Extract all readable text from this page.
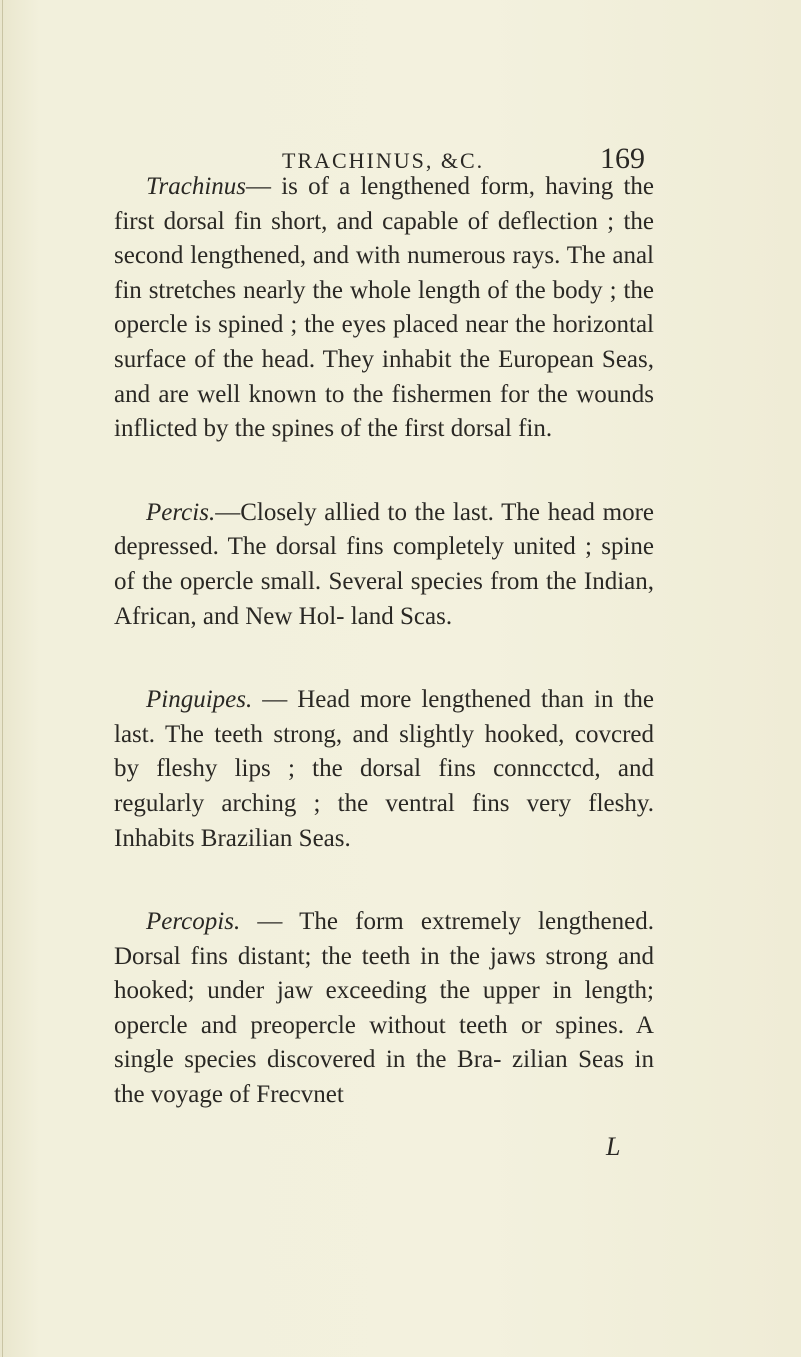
TRACHINUS, &C.	169

Trachinus— is of a lengthened form, having the first dorsal fin short, and capable of deflection ; the second lengthened, and with numerous rays. The anal fin stretches nearly the whole length of the body ; the opercle is spined ; the eyes placed near the horizontal surface of the head. They inhabit the European Seas, and are well known to the fishermen for the wounds inflicted by the spines of the first dorsal fin.

Percis.—Closely allied to the last. The head more depressed. The dorsal fins completely united ; spine of the opercle small. Several species from the Indian, African, and New Hol- land Scas.

Pinguipes. — Head more lengthened than in the last. The teeth strong, and slightly hooked, covcred by fleshy lips ; the dorsal fins conncctcd, and regularly arching ; the ventral fins very fleshy. Inhabits Brazilian Seas.

Percopis. — The form extremely lengthened. Dorsal fins distant; the teeth in the jaws strong and hooked; under jaw exceeding the upper in length; opercle and preopercle without teeth or spines. A single species discovered in the Bra- zilian Seas in the voyage of Frecvnet

L
